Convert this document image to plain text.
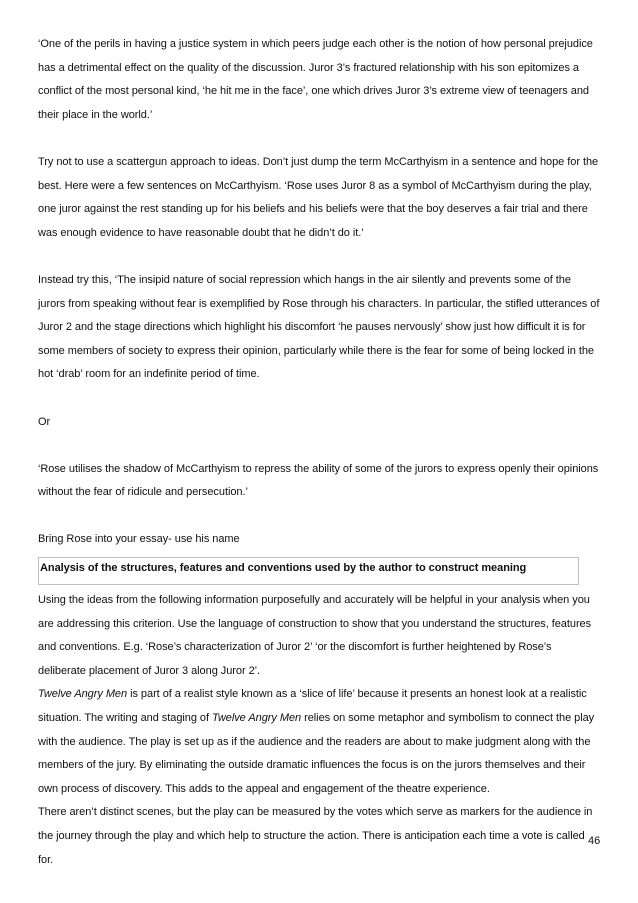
‘One of the perils in having a justice system in which peers judge each other is the notion of how personal prejudice has a detrimental effect on the quality of the discussion. Juror 3’s fractured relationship with his son epitomizes a conflict of the most personal kind, ‘he hit me in the face’, one which drives Juror 3’s extreme view of teenagers and their place in the world.’

Try not to use a scattergun approach to ideas. Don’t just dump the term McCarthyism in a sentence and hope for the best. Here were a few sentences on McCarthyism. ‘Rose uses Juror 8 as a symbol of McCarthyism during the play, one juror against the rest standing up for his beliefs and his beliefs were that the boy deserves a fair trial and there was enough evidence to have reasonable doubt that he didn’t do it.’

Instead try this, ‘The insipid nature of social repression which hangs in the air silently and prevents some of the jurors from speaking without fear is exemplified by Rose through his characters. In particular, the stifled utterances of Juror 2 and the stage directions which highlight his discomfort ‘he pauses nervously’ show just how difficult it is for some members of society to express their opinion, particularly while there is the fear for some of being locked in the hot ‘drab’ room for an indefinite period of time.

Or

‘Rose utilises the shadow of McCarthyism to repress the ability of some of the jurors to express openly their opinions without the fear of ridicule and persecution.’

Bring Rose into your essay- use his name

Analysis of the structures, features and conventions used by the author to construct meaning

Using the ideas from the following information purposefully and accurately will be helpful in your analysis when you are addressing this criterion. Use the language of construction to show that you understand the structures, features and conventions. E.g. ‘Rose’s characterization of Juror 2’ ‘or the discomfort is further heightened by Rose’s deliberate placement of Juror 3 along Juror 2’.

Twelve Angry Men is part of a realist style known as a ‘slice of life’ because it presents an honest look at a realistic situation. The writing and staging of Twelve Angry Men relies on some metaphor and symbolism to connect the play with the audience. The play is set up as if the audience and the readers are about to make judgment along with the members of the jury. By eliminating the outside dramatic influences the focus is on the jurors themselves and their own process of discovery. This adds to the appeal and engagement of the theatre experience.

There aren’t distinct scenes, but the play can be measured by the votes which serve as markers for the audience in the journey through the play and which help to structure the action. There is anticipation each time a vote is called for.

46
